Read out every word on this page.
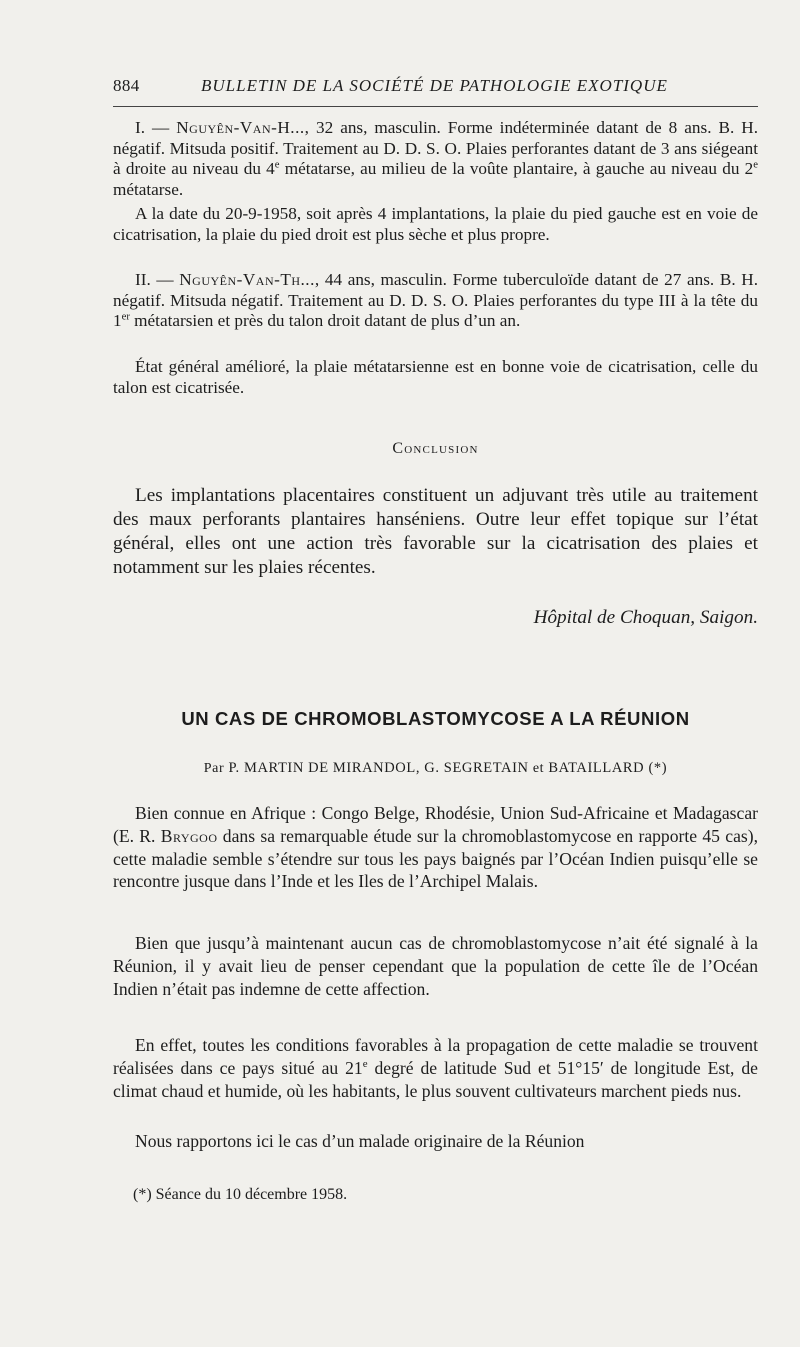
884	BULLETIN DE LA SOCIÉTÉ DE PATHOLOGIE EXOTIQUE

I. — Nguyên-Van-H..., 32 ans, masculin. Forme indéterminée datant de 8 ans. B. H. négatif. Mitsuda positif. Traitement au D. D. S. O. Plaies perforantes datant de 3 ans siégeant à droite au niveau du 4e métatarse, au milieu de la voûte plantaire, à gauche au niveau du 2e métatarse.

A la date du 20-9-1958, soit après 4 implantations, la plaie du pied gauche est en voie de cicatrisation, la plaie du pied droit est plus sèche et plus propre.

II. — Nguyên-Van-Th..., 44 ans, masculin. Forme tuberculoïde datant de 27 ans. B. H. négatif. Mitsuda négatif. Traitement au D. D. S. O. Plaies perforantes du type III à la tête du 1er métatarsien et près du talon droit datant de plus d’un an.

État général amélioré, la plaie métatarsienne est en bonne voie de cicatrisation, celle du talon est cicatrisée.

Conclusion

Les implantations placentaires constituent un adjuvant très utile au traitement des maux perforants plantaires hanséniens. Outre leur effet topique sur l’état général, elles ont une action très favorable sur la cicatrisation des plaies et notamment sur les plaies récentes.

Hôpital de Choquan, Saigon.

UN CAS DE CHROMOBLASTOMYCOSE A LA RÉUNION

Par P. MARTIN DE MIRANDOL, G. SEGRETAIN et BATAILLARD (*)

Bien connue en Afrique : Congo Belge, Rhodésie, Union Sud-Africaine et Madagascar (E. R. Brygoo dans sa remarquable étude sur la chromoblastomycose en rapporte 45 cas), cette maladie semble s’étendre sur tous les pays baignés par l’Océan Indien puisqu’elle se rencontre jusque dans l’Inde et les Iles de l’Archipel Malais.

Bien que jusqu’à maintenant aucun cas de chromoblastomycose n’ait été signalé à la Réunion, il y avait lieu de penser cependant que la population de cette île de l’Océan Indien n’était pas indemne de cette affection.

En effet, toutes les conditions favorables à la propagation de cette maladie se trouvent réalisées dans ce pays situé au 21e degré de latitude Sud et 51°15′ de longitude Est, de climat chaud et humide, où les habitants, le plus souvent cultivateurs marchent pieds nus.

Nous rapportons ici le cas d’un malade originaire de la Réunion

(*) Séance du 10 décembre 1958.
